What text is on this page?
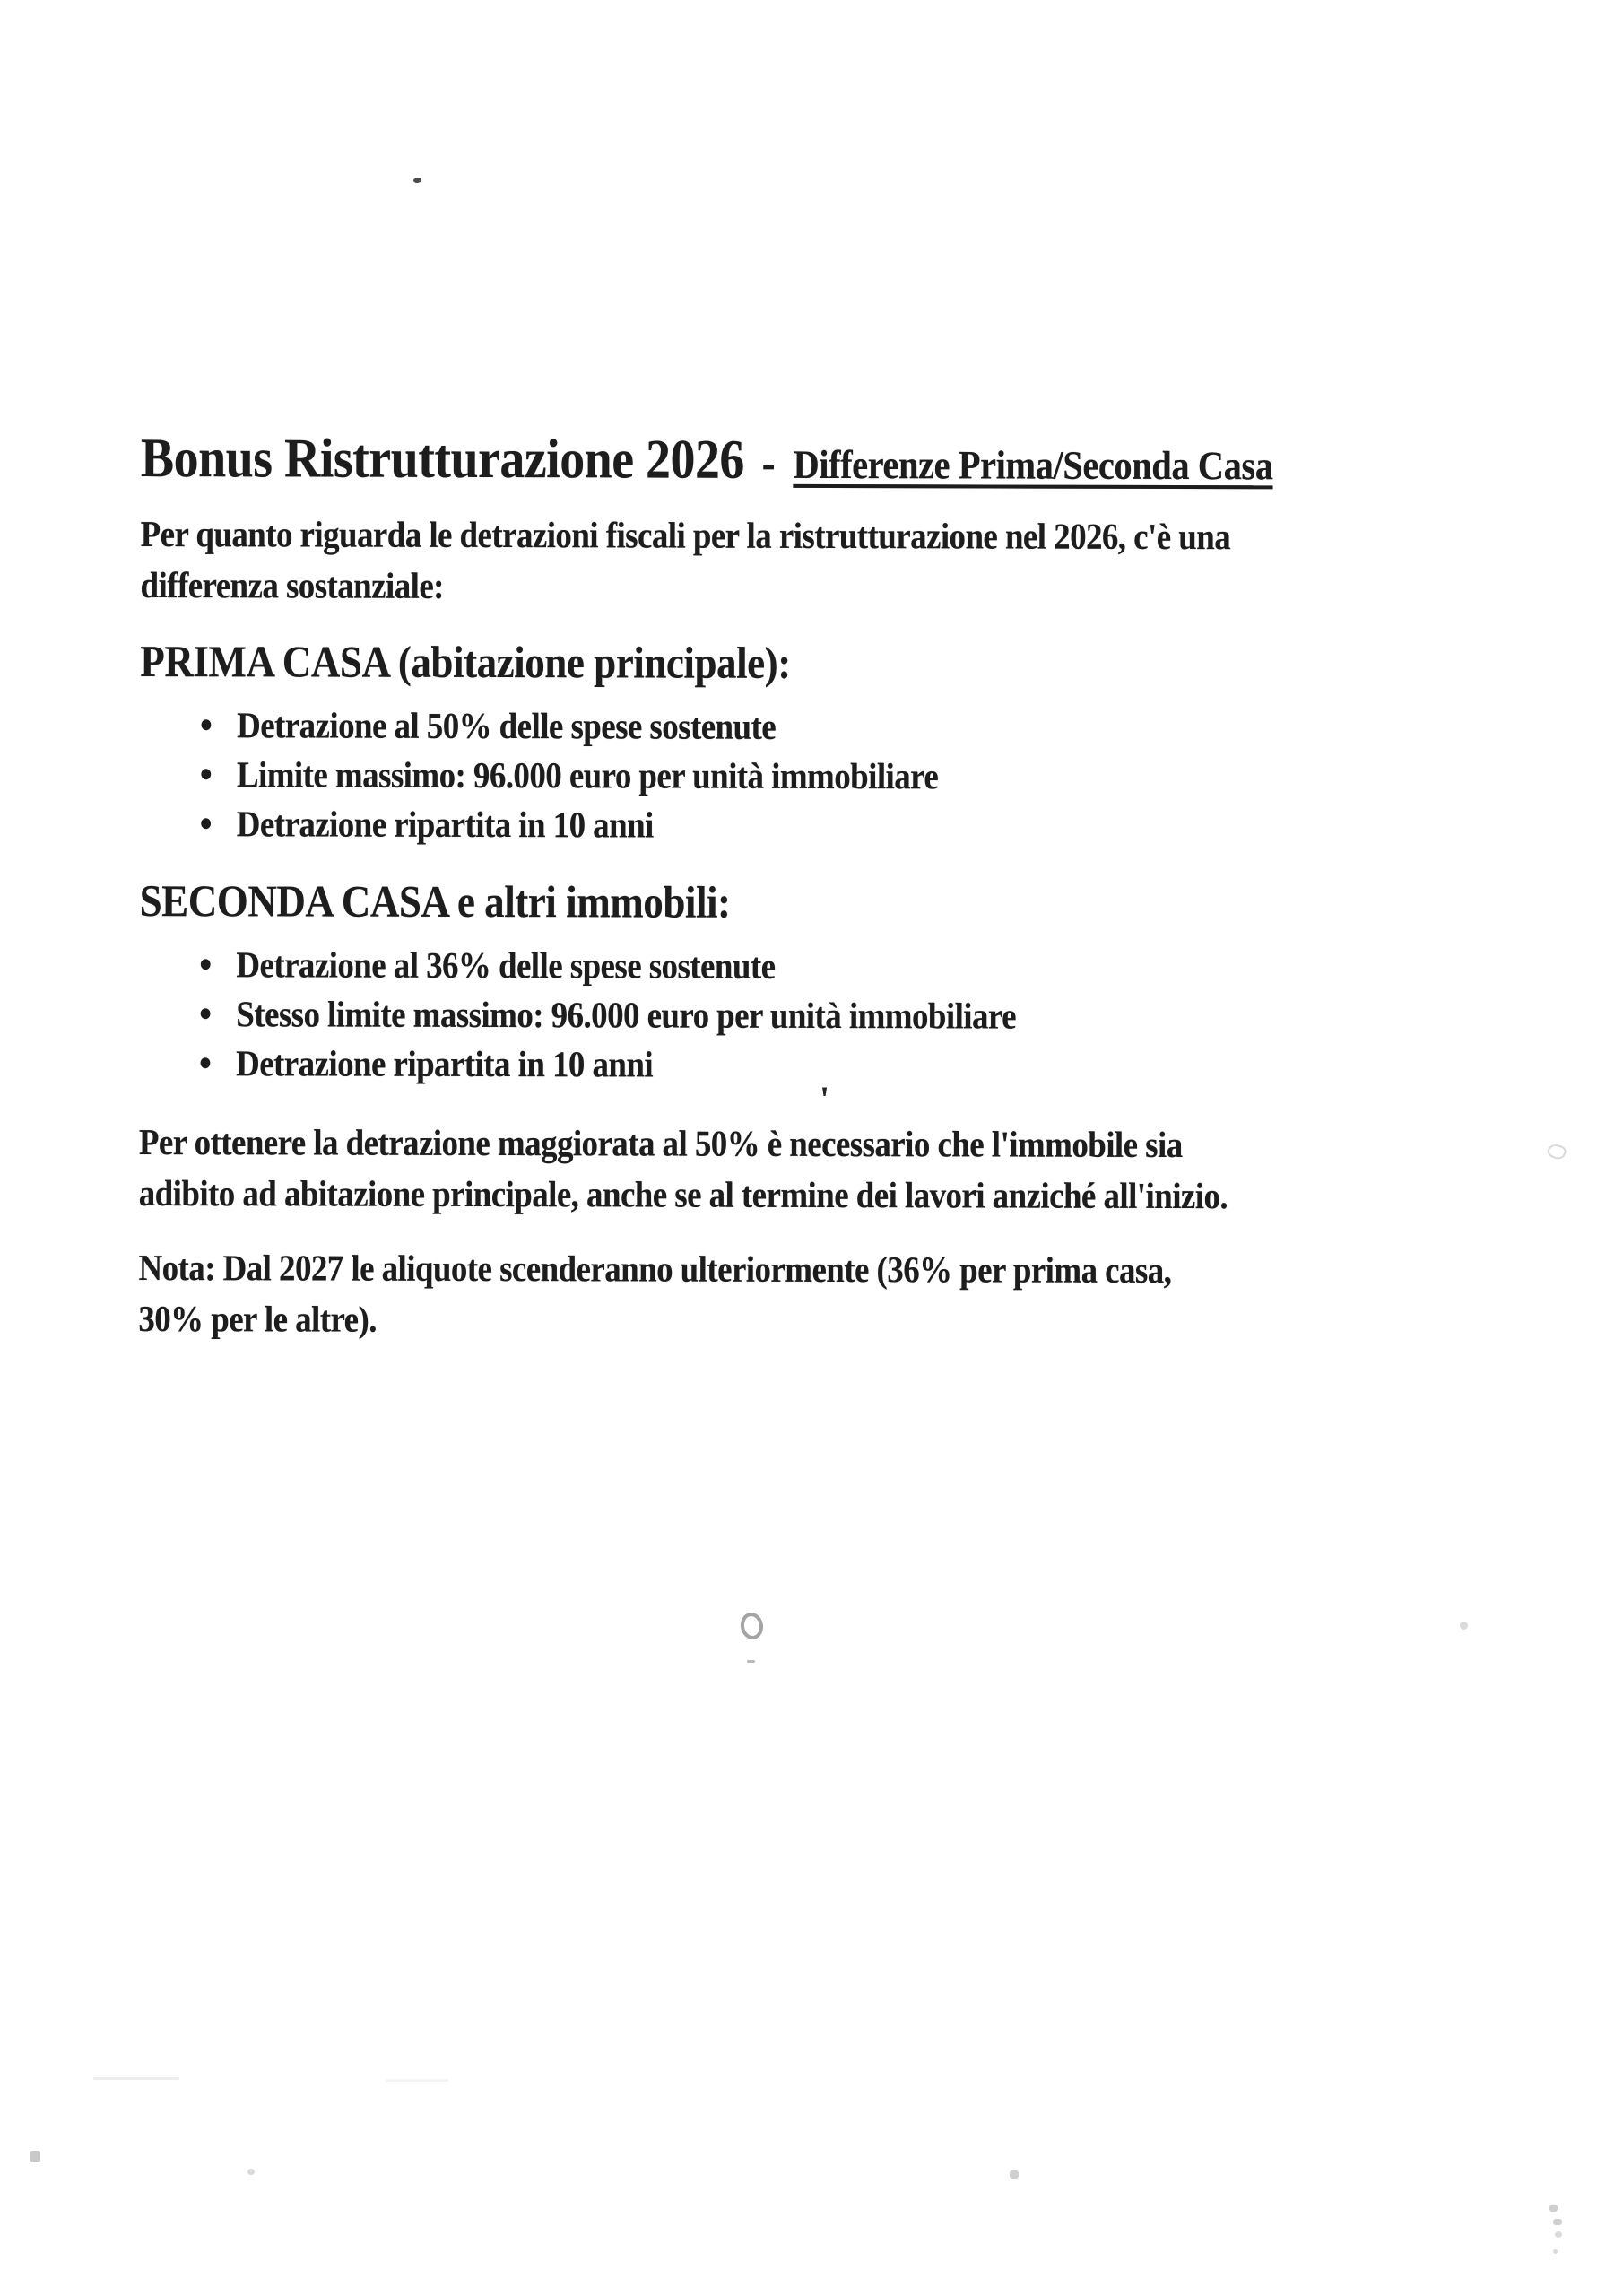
Bonus Ristrutturazione 2026 - Differenze Prima/Seconda Casa
Per quanto riguarda le detrazioni fiscali per la ristrutturazione nel 2026, c'è una
differenza sostanziale:
PRIMA CASA (abitazione principale):
Detrazione al 50% delle spese sostenute
Limite massimo: 96.000 euro per unità immobiliare
Detrazione ripartita in 10 anni
SECONDA CASA e altri immobili:
Detrazione al 36% delle spese sostenute
Stesso limite massimo: 96.000 euro per unità immobiliare
Detrazione ripartita in 10 anni
Per ottenere la detrazione maggiorata al 50% è necessario che l'immobile sia
adibito ad abitazione principale, anche se al termine dei lavori anziché all'inizio.
Nota: Dal 2027 le aliquote scenderanno ulteriormente (36% per prima casa,
30% per le altre).
'
